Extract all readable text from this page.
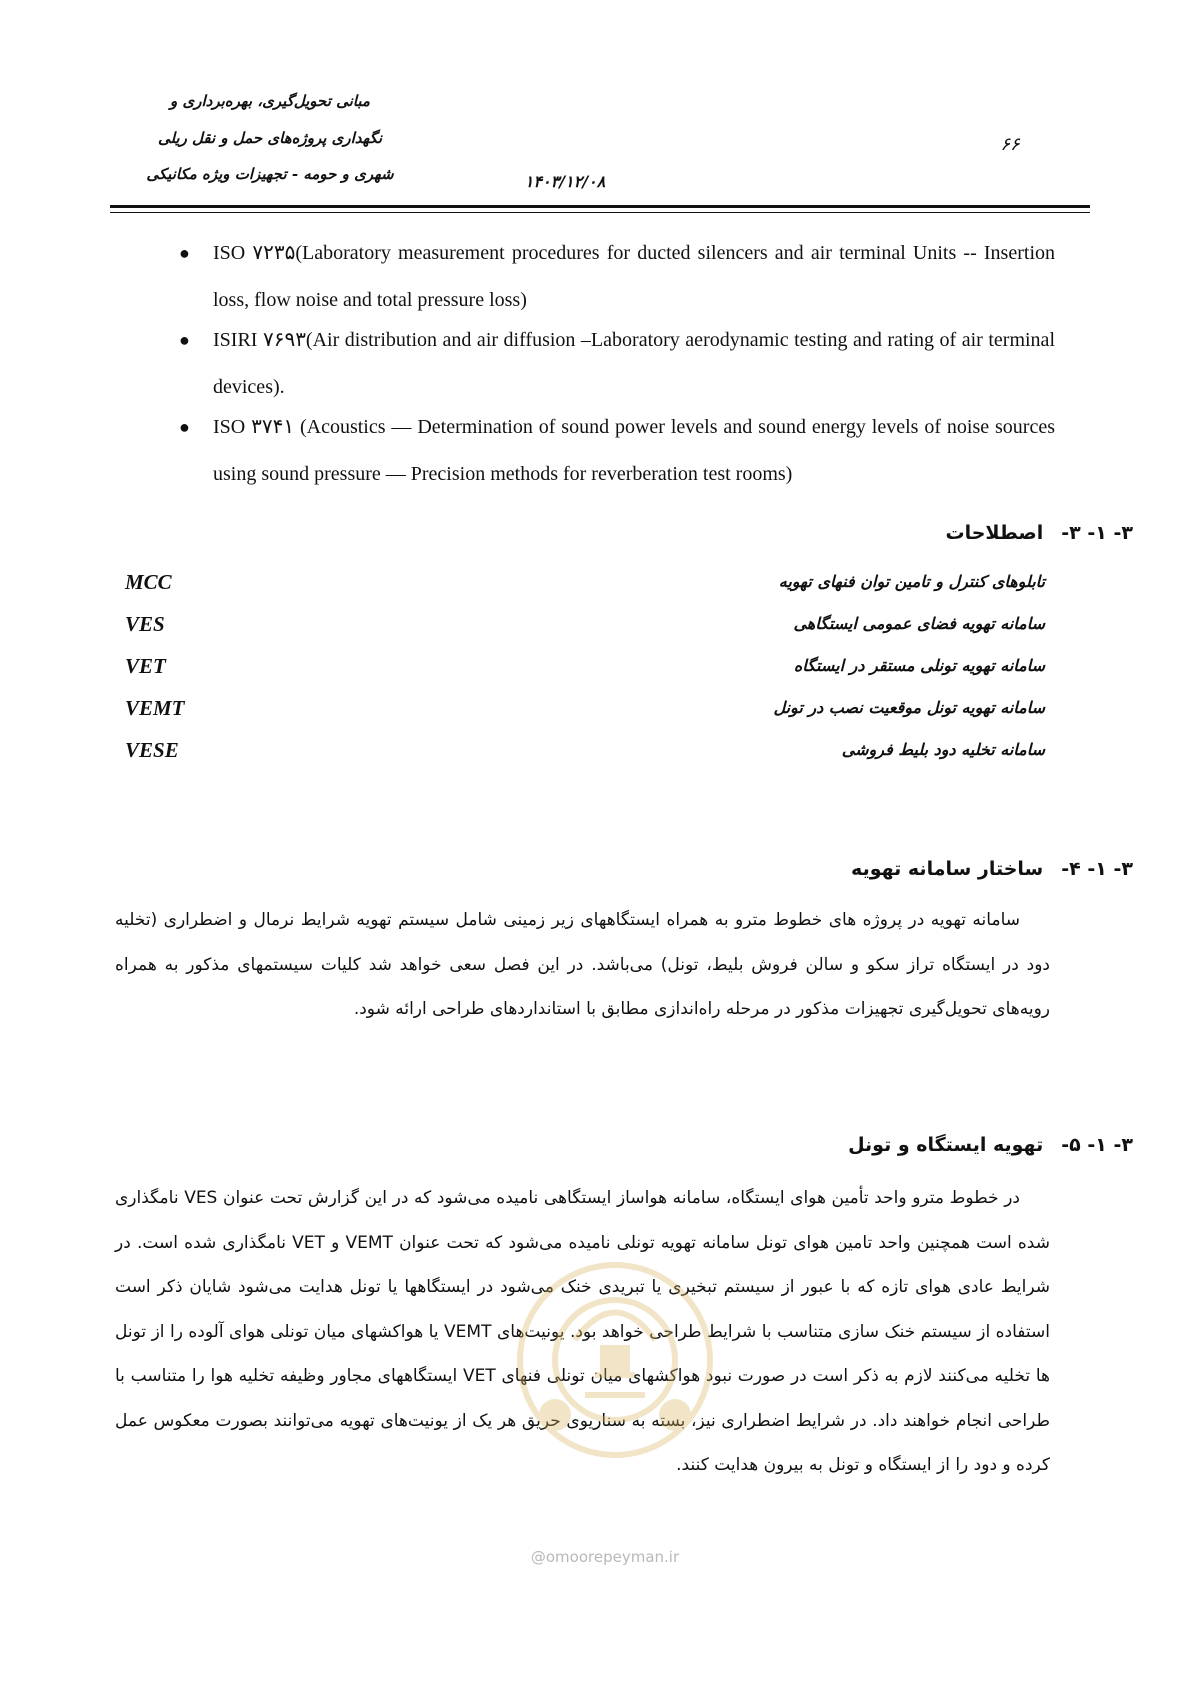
مبانی تحویل‌گیری، بهره‌برداری و
نگهداری پروژه‌های حمل و نقل ریلی
شهری و حومه - تجهیزات ویژه مکانیکی	۱۴۰۳/۱۲/۰۸
۶۶
● ISO ۷۲۳۵(Laboratory measurement procedures for ducted silencers and air terminal Units -- Insertion loss, flow noise and total pressure loss)
● ISIRI ۷۶۹۳(Air distribution and air diffusion –Laboratory aerodynamic testing and rating of air terminal devices).
● ISO ۳۷۴۱ (Acoustics — Determination of sound power levels and sound energy levels of noise sources using sound pressure — Precision methods for reverberation test rooms)
۳- ۱- ۳-اصطلاحات
MCC	تابلوهای کنترل و تامین توان فنهای تهویه
VES	سامانه تهویه فضای عمومی ایستگاهی
VET	سامانه تهویه تونلی مستقر در ایستگاه
VEMT	سامانه تهویه تونل موقعیت نصب در تونل
VESE	سامانه تخلیه دود بلیط فروشی
۳- ۱- ۴-ساختار سامانه تهویه

سامانه تهویه در پروژه های خطوط مترو به همراه ایستگاههای زیر زمینی شامل سیستم تهویه شرایط نرمال و اضطراری (تخلیه دود در ایستگاه تراز سکو و سالن فروش بلیط، تونل) می‌باشد. در این فصل سعی خواهد شد کلیات سیستمهای مذکور به همراه رویه‌های تحویل‌گیری تجهیزات مذکور در مرحله راه‌اندازی مطابق با استانداردهای طراحی ارائه شود.

۳- ۱- ۵-تهویه ایستگاه و تونل

در خطوط مترو واحد تأمین هوای ایستگاه، سامانه هواساز ایستگاهی نامیده می‌شود که در این گزارش تحت عنوان VES نامگذاری شده است همچنین واحد تامین هوای تونل سامانه تهویه تونلی نامیده می‌شود که تحت عنوان VEMT و VET نامگذاری شده است. در شرایط عادی هوای تازه که با عبور از سیستم تبخیری یا تبریدی خنک می‌شود در ایستگاهها یا تونل هدایت می‌شود شایان ذکر است استفاده از سیستم خنک سازی متناسب با شرایط طراحی خواهد بود. یونیت‌های VEMT یا هواکشهای میان تونلی هوای آلوده را از تونل ها تخلیه می‌کنند لازم به ذکر است در صورت نبود هواکشهای میان تونلی فنهای VET ایستگاههای مجاور وظیفه تخلیه هوا را متناسب با طراحی انجام خواهند داد. در شرایط اضطراری نیز، بسته به سناریوی حریق هر یک از یونیت‌های تهویه می‌توانند بصورت معکوس عمل کرده و دود را از ایستگاه و تونل به بیرون هدایت کنند.

@omoorepeyman.ir
